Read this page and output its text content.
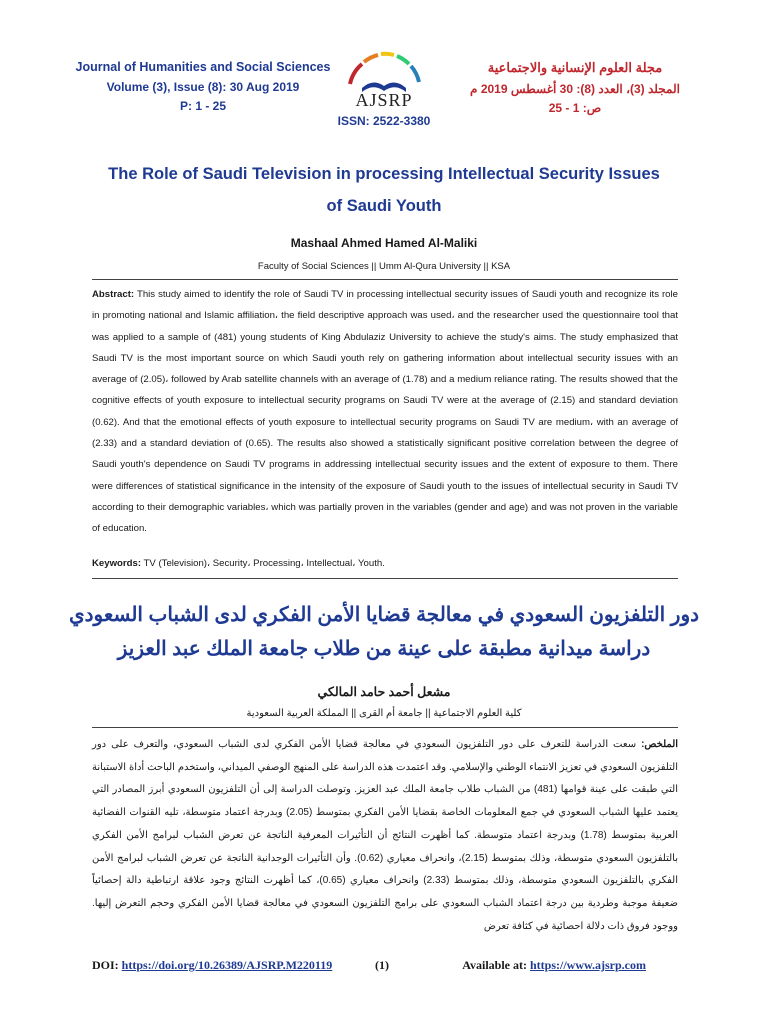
Journal of Humanities and Social Sciences
Volume (3), Issue (8): 30 Aug 2019
P: 1 - 25	AJSRP
ISSN: 2522-3380
مجلة العلوم الإنسانية والاجتماعية
المجلد (3)، العدد (8): 30 أغسطس 2019 م
ص: 1 - 25
The Role of Saudi Television in processing Intellectual Security Issues
of Saudi Youth
Mashaal Ahmed Hamed Al-Maliki
Faculty of Social Sciences || Umm Al-Qura University || KSA
Abstract: This study aimed to identify the role of Saudi TV in processing intellectual security issues of Saudi youth and recognize its role in promoting national and Islamic affiliation، the field descriptive approach was used، and the researcher used the questionnaire tool that was applied to a sample of (481) young students of King Abdulaziz University to achieve the study's aims. The study emphasized that Saudi TV is the most important source on which Saudi youth rely on gathering information about intellectual security issues with an average of (2.05)، followed by Arab satellite channels with an average of (1.78) and a medium reliance rating. The results showed that the cognitive effects of youth exposure to intellectual security programs on Saudi TV were at the average of (2.15) and standard deviation (0.62). And that the emotional effects of youth exposure to intellectual security programs on Saudi TV are medium، with an average of (2.33) and a standard deviation of (0.65). The results also showed a statistically significant positive correlation between the degree of Saudi youth's dependence on Saudi TV programs in addressing intellectual security issues and the extent of exposure to them. There were differences of statistical significance in the intensity of the exposure of Saudi youth to the issues of intellectual security in Saudi TV according to their demographic variables، which was partially proven in the variables (gender and age) and was not proven in the variable of education.
Keywords: TV (Television)، Security، Processing، Intellectual، Youth.
دور التلفزيون السعودي في معالجة قضايا الأمن الفكري لدى الشباب السعودي
دراسة ميدانية مطبقة على عينة من طلاب جامعة الملك عبد العزيز
مشعل أحمد حامد المالكي
كلية العلوم الاجتماعية || جامعة أم القرى || المملكة العربية السعودية
الملخص: سعت الدراسة للتعرف على دور التلفزيون السعودي في معالجة قضايا الأمن الفكري لدى الشباب السعودي، والتعرف على دور التلفزيون السعودي في تعزيز الانتماء الوطني والإسلامي. وقد اعتمدت هذه الدراسة على المنهج الوصفي الميداني، واستخدم الباحث أداة الاستبانة التي طبقت على عينة قوامها (481) من الشباب طلاب جامعة الملك عبد العزيز. وتوصلت الدراسة إلى أن التلفزيون السعودي أبرز المصادر التي يعتمد عليها الشباب السعودي في جمع المعلومات الخاصة بقضايا الأمن الفكري بمتوسط (2.05) وبدرجة اعتماد متوسطة، تليه القنوات الفضائية العربية بمتوسط (1.78) وبدرجة اعتماد متوسطة. كما أظهرت النتائج أن التأثيرات المعرفية الناتجة عن تعرض الشباب لبرامج الأمن الفكري بالتلفزيون السعودي متوسطة، وذلك بمتوسط (2.15)، وانحراف معياري (0.62). وأن التأثيرات الوجدانية الناتجة عن تعرض الشباب لبرامج الأمن الفكري بالتلفزيون السعودي متوسطة، وذلك بمتوسط (2.33) وانحراف معياري (0.65)، كما أظهرت النتائج وجود علاقة ارتباطية دالة إحصائياً ضعيفة موجبة وطردية بين درجة اعتماد الشباب السعودي على برامج التلفزيون السعودي في معالجة قضايا الأمن الفكري وحجم التعرض إليها. ووجود فروق ذات دلالة احصائية في كثافة تعرض
DOI: https://doi.org/10.26389/AJSRP.M220119	(1)	Available at: https://www.ajsrp.com
